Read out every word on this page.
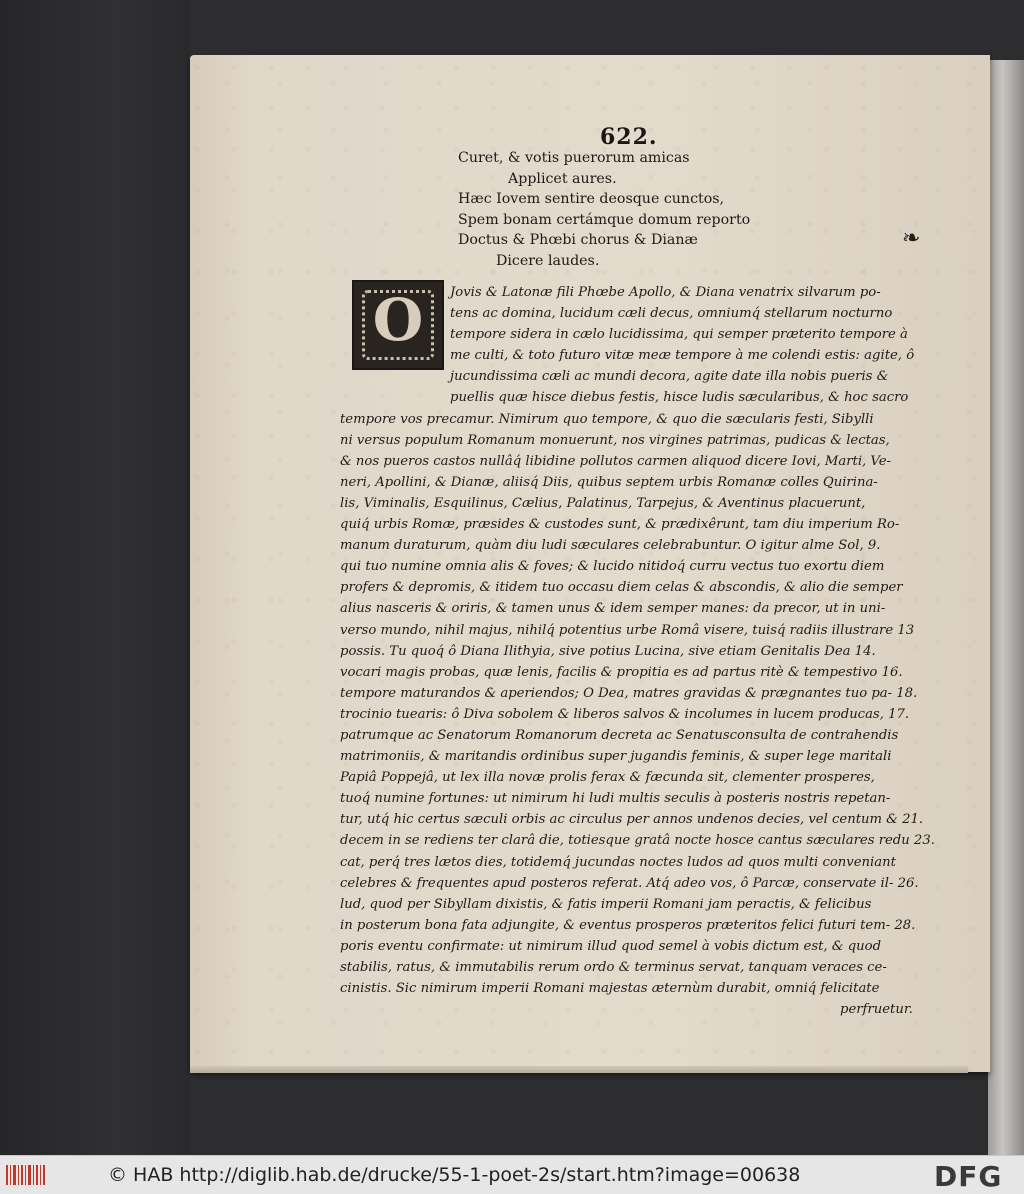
622.
Curet, & votis puerorum amicas
Applicet aures.
Hæc Iovem sentire deosque cunctos,
Spem bonam certámque domum reporto
Doctus & Phœbi chorus & Dianæ
Dicere laudes.
❧
O	Jovis & Latonæ fili Phœbe Apollo, & Diana venatrix silvarum po-
tens ac domina, lucidum cæli decus, omniumq́ stellarum nocturno
tempore sidera in cælo lucidissima, qui semper præterito tempore à
me culti, & toto futuro vitæ meæ tempore à me colendi estis: agite, ô
jucundissima cæli ac mundi decora, agite date illa nobis pueris &
puellis quæ hisce diebus festis, hisce ludis sæcularibus, & hoc sacro
tempore vos precamur. Nimirum quo tempore, & quo die sæcularis festi, Sibylli
ni versus populum Romanum monuerunt, nos virgines patrimas, pudicas & lectas,
& nos pueros castos nullâq́ libidine pollutos carmen aliquod dicere Iovi, Marti, Ve-
neri, Apollini, & Dianæ, aliisq́ Diis, quibus septem urbis Romanæ colles Quirina-
lis, Viminalis, Esquilinus, Cælius, Palatinus, Tarpejus, & Aventinus placuerunt,
quiq́ urbis Romæ, præsides & custodes sunt, & prædixêrunt, tam diu imperium Ro-
manum duraturum, quàm diu ludi sæculares celebrabuntur. O igitur alme Sol, 9.
qui tuo numine omnia alis & foves; & lucido nitidoq́ curru vectus tuo exortu diem
profers & depromis, & itidem tuo occasu diem celas & abscondis, & alio die semper
alius nasceris & oriris, & tamen unus & idem semper manes: da precor, ut in uni-
verso mundo, nihil majus, nihilq́ potentius urbe Româ visere, tuisq́ radiis illustrare 13
possis. Tu quoq́ ô Diana Ilithyia, sive potius Lucina, sive etiam Genitalis Dea 14.
vocari magis probas, quæ lenis, facilis & propitia es ad partus ritè & tempestivo 16.
tempore maturandos & aperiendos; O Dea, matres gravidas & prægnantes tuo pa- 18.
trocinio tuearis: ô Diva sobolem & liberos salvos & incolumes in lucem producas, 17.
patrumque ac Senatorum Romanorum decreta ac Senatusconsulta de contrahendis
matrimoniis, & maritandis ordinibus super jugandis feminis, & super lege maritali
Papiâ Poppejâ, ut lex illa novæ prolis ferax & fæcunda sit, clementer prosperes,
tuoq́ numine fortunes: ut nimirum hi ludi multis seculis à posteris nostris repetan-
tur, utq́ hic certus sæculi orbis ac circulus per annos undenos decies, vel centum & 21.
decem in se rediens ter clarâ die, totiesque gratâ nocte hosce cantus sæculares redu 23.
cat, perq́ tres lætos dies, totidemq́ jucundas noctes ludos ad quos multi conveniant
celebres & frequentes apud posteros referat. Atq́ adeo vos, ô Parcæ, conservate il- 26.
lud, quod per Sibyllam dixistis, & fatis imperii Romani jam peractis, & felicibus
in posterum bona fata adjungite, & eventus prosperos præteritos felici futuri tem- 28.
poris eventu confirmate: ut nimirum illud quod semel à vobis dictum est, & quod
stabilis, ratus, & immutabilis rerum ordo & terminus servat, tanquam veraces ce-
cinistis. Sic nimirum imperii Romani majestas æternùm durabit, omniq́ felicitate
perfruetur.
© HAB http://diglib.hab.de/drucke/55-1-poet-2s/start.htm?image=00638	DFG
